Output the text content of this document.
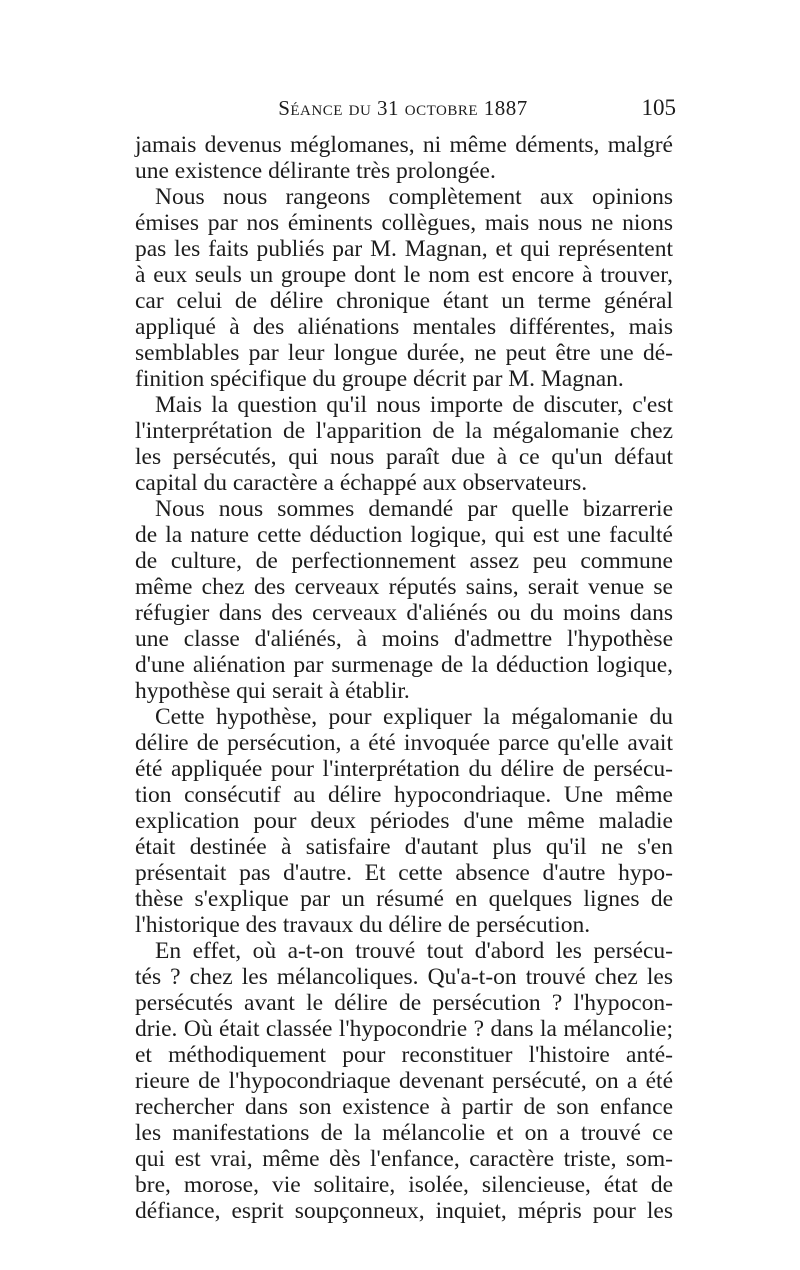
Séance du 31 octobre 1887	105
jamais devenus méglomanes, ni même déments, malgré
une existence délirante très prolongée.
Nous nous rangeons complètement aux opinions
émises par nos éminents collègues, mais nous ne nions
pas les faits publiés par M. Magnan, et qui représentent
à eux seuls un groupe dont le nom est encore à trouver,
car celui de délire chronique étant un terme général
appliqué à des aliénations mentales différentes, mais
semblables par leur longue durée, ne peut être une dé-
finition spécifique du groupe décrit par M. Magnan.
Mais la question qu'il nous importe de discuter, c'est
l'interprétation de l'apparition de la mégalomanie chez
les persécutés, qui nous paraît due à ce qu'un défaut
capital du caractère a échappé aux observateurs.
Nous nous sommes demandé par quelle bizarrerie
de la nature cette déduction logique, qui est une faculté
de culture, de perfectionnement assez peu commune
même chez des cerveaux réputés sains, serait venue se
réfugier dans des cerveaux d'aliénés ou du moins dans
une classe d'aliénés, à moins d'admettre l'hypothèse
d'une aliénation par surmenage de la déduction logique,
hypothèse qui serait à établir.
Cette hypothèse, pour expliquer la mégalomanie du
délire de persécution, a été invoquée parce qu'elle avait
été appliquée pour l'interprétation du délire de persécu-
tion consécutif au délire hypocondriaque. Une même
explication pour deux périodes d'une même maladie
était destinée à satisfaire d'autant plus qu'il ne s'en
présentait pas d'autre. Et cette absence d'autre hypo-
thèse s'explique par un résumé en quelques lignes de
l'historique des travaux du délire de persécution.
En effet, où a-t-on trouvé tout d'abord les persécu-
tés ? chez les mélancoliques. Qu'a-t-on trouvé chez les
persécutés avant le délire de persécution ? l'hypocon-
drie. Où était classée l'hypocondrie ? dans la mélancolie;
et méthodiquement pour reconstituer l'histoire anté-
rieure de l'hypocondriaque devenant persécuté, on a été
rechercher dans son existence à partir de son enfance
les manifestations de la mélancolie et on a trouvé ce
qui est vrai, même dès l'enfance, caractère triste, som-
bre, morose, vie solitaire, isolée, silencieuse, état de
défiance, esprit soupçonneux, inquiet, mépris pour les
